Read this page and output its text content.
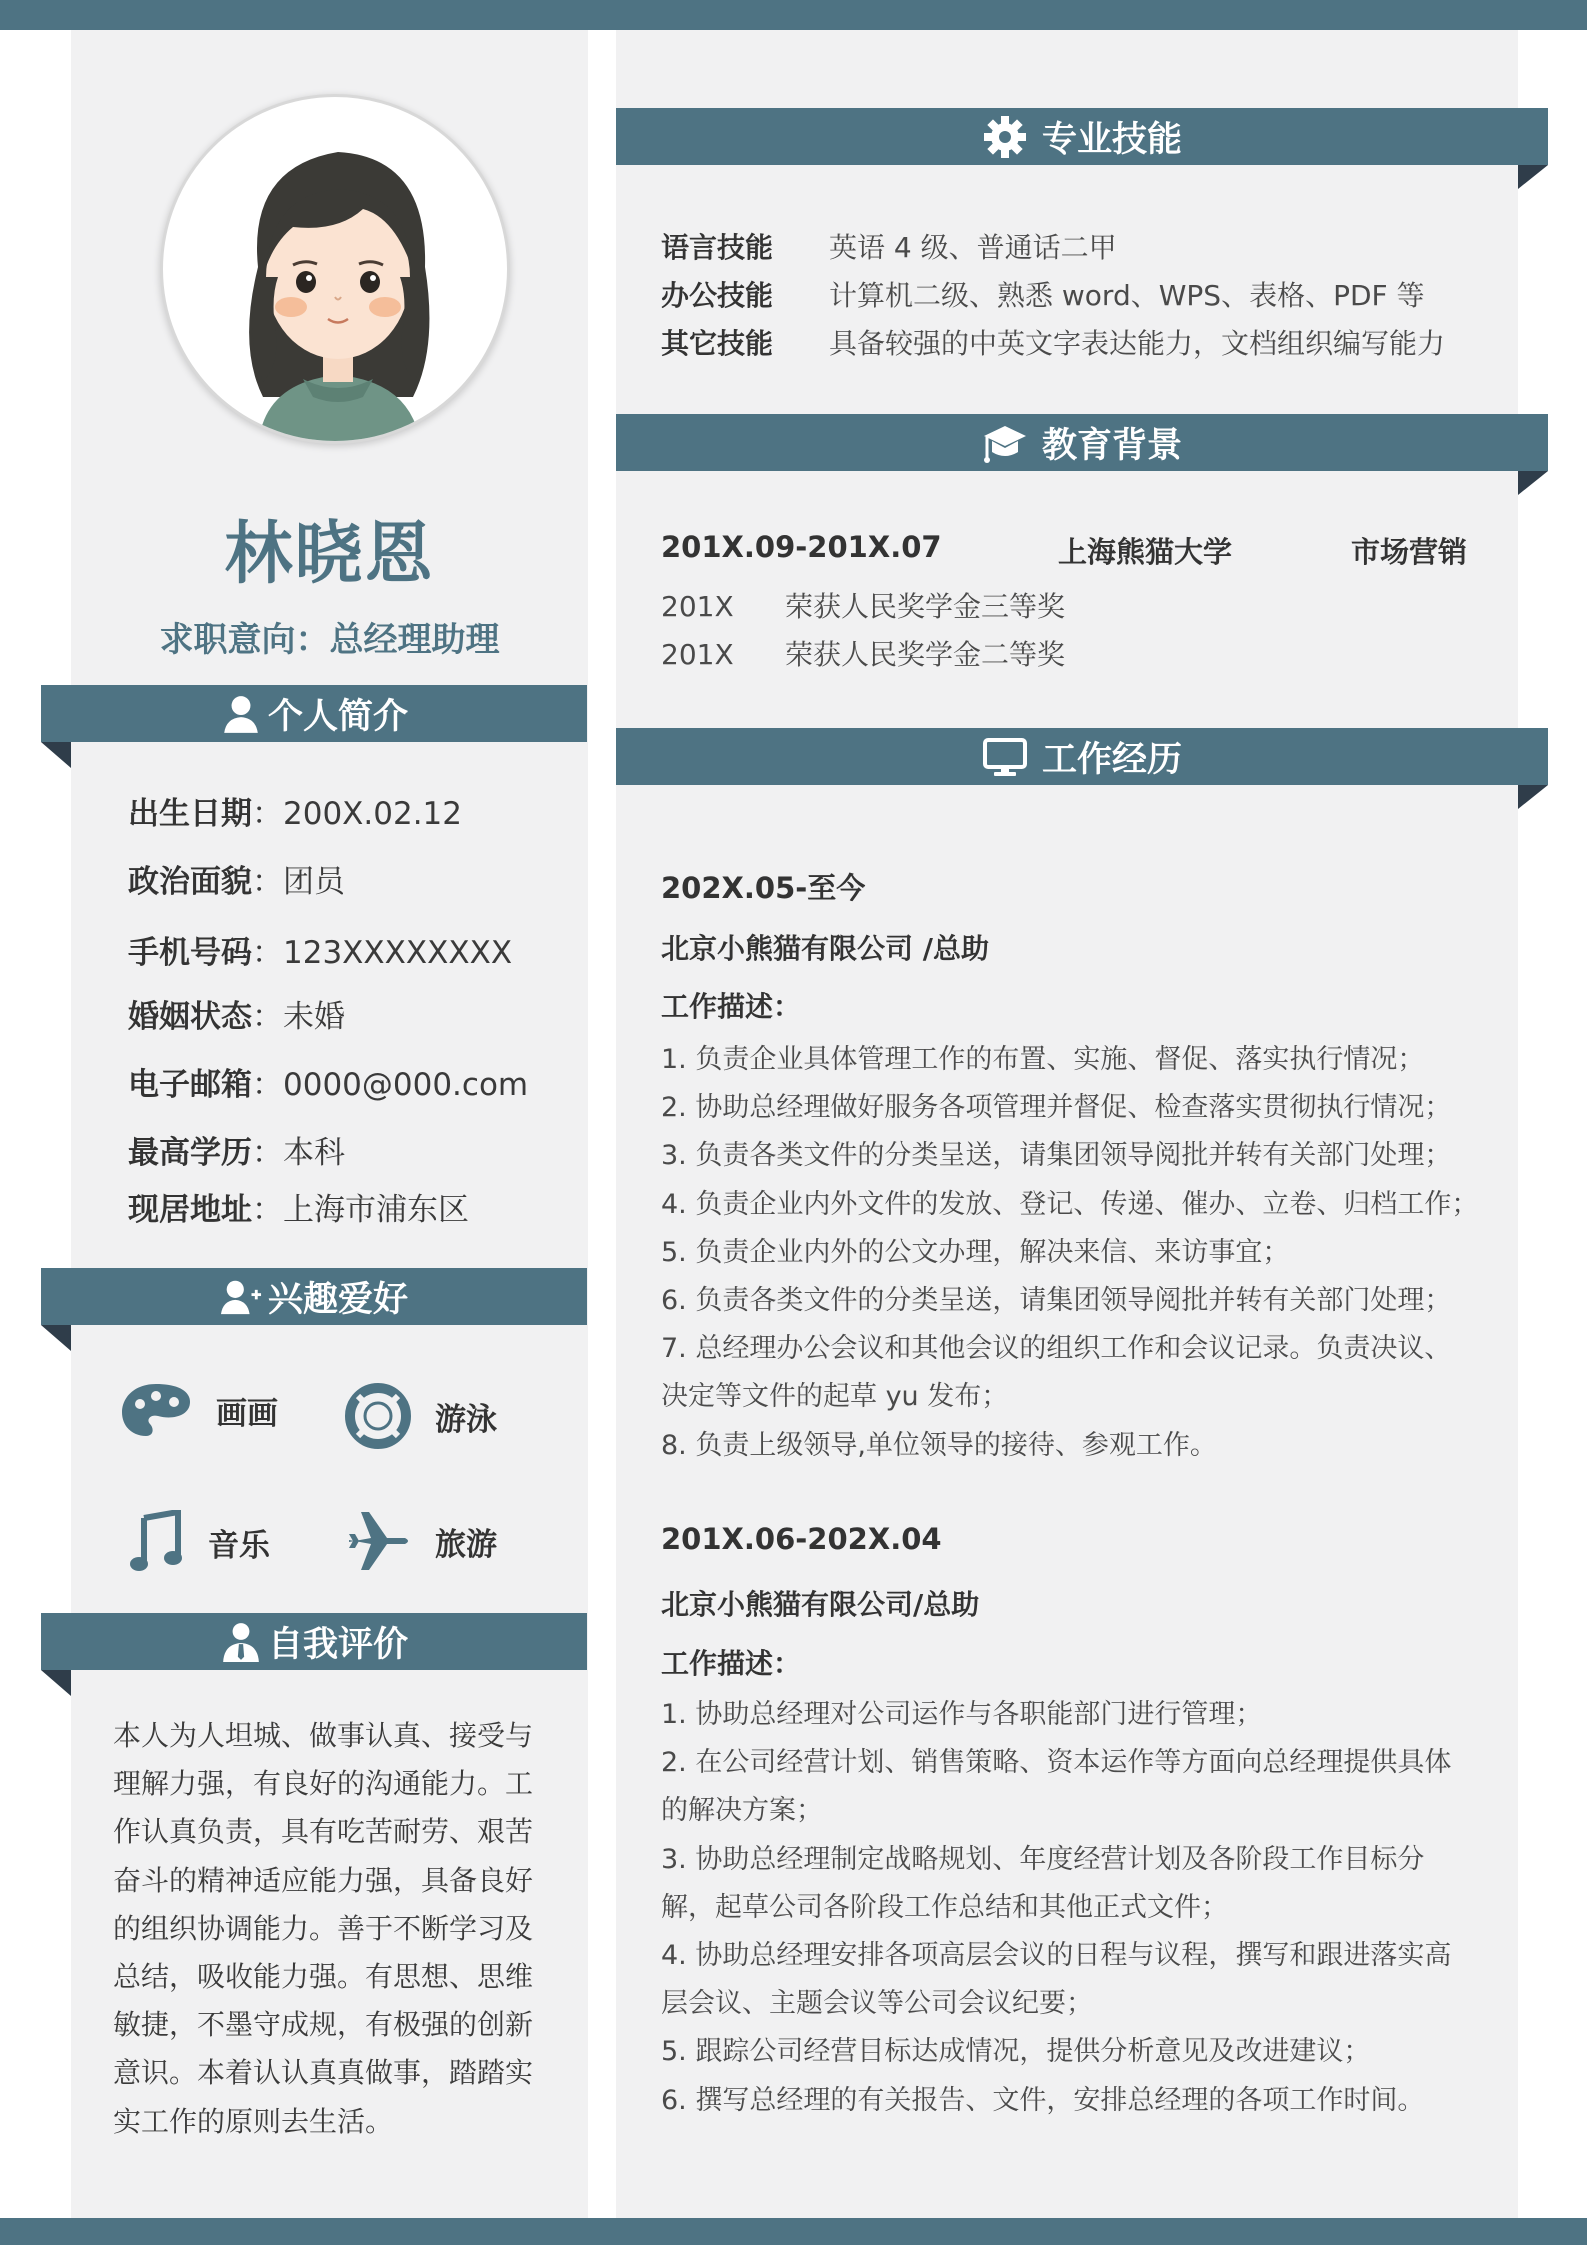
林晓恩
求职意向：总经理助理
个人简介
出生日期：200X.02.12
政治面貌：团员
手机号码：123XXXXXXXX
婚姻状态：未婚
电子邮箱：0000@000.com
最高学历：本科
现居地址：上海市浦东区
兴趣爱好
画画	游泳
音乐	旅游
自我评价
本人为人坦城、做事认真、接受与
理解力强，有良好的沟通能力。工
作认真负责，具有吃苦耐劳、艰苦
奋斗的精神适应能力强，具备良好
的组织协调能力。善于不断学习及
总结，吸收能力强。有思想、思维
敏捷，不墨守成规，有极强的创新
意识。本着认认真真做事，踏踏实
实工作的原则去生活。
专业技能
语言技能 英语 4 级、普通话二甲
办公技能 计算机二级、熟悉 word、WPS、表格、PDF 等
其它技能 具备较强的中英文字表达能力，文档组织编写能力
教育背景
201X.09-201X.07	上海熊猫大学	市场营销
201X 荣获人民奖学金三等奖
201X 荣获人民奖学金二等奖
工作经历
202X.05-至今
北京小熊猫有限公司 /总助
工作描述：
1. 负责企业具体管理工作的布置、实施、督促、落实执行情况；
2. 协助总经理做好服务各项管理并督促、检查落实贯彻执行情况；
3. 负责各类文件的分类呈送，请集团领导阅批并转有关部门处理；
4. 负责企业内外文件的发放、登记、传递、催办、立卷、归档工作；
5. 负责企业内外的公文办理，解决来信、来访事宜；
6. 负责各类文件的分类呈送，请集团领导阅批并转有关部门处理；
7. 总经理办公会议和其他会议的组织工作和会议记录。负责决议、
决定等文件的起草 yu 发布；
8. 负责上级领导,单位领导的接待、参观工作。
201X.06-202X.04
北京小熊猫有限公司/总助
工作描述：
1. 协助总经理对公司运作与各职能部门进行管理；
2. 在公司经营计划、销售策略、资本运作等方面向总经理提供具体
的解决方案；
3. 协助总经理制定战略规划、年度经营计划及各阶段工作目标分
解，起草公司各阶段工作总结和其他正式文件；
4. 协助总经理安排各项高层会议的日程与议程，撰写和跟进落实高
层会议、主题会议等公司会议纪要；
5. 跟踪公司经营目标达成情况，提供分析意见及改进建议；
6. 撰写总经理的有关报告、文件，安排总经理的各项工作时间。
